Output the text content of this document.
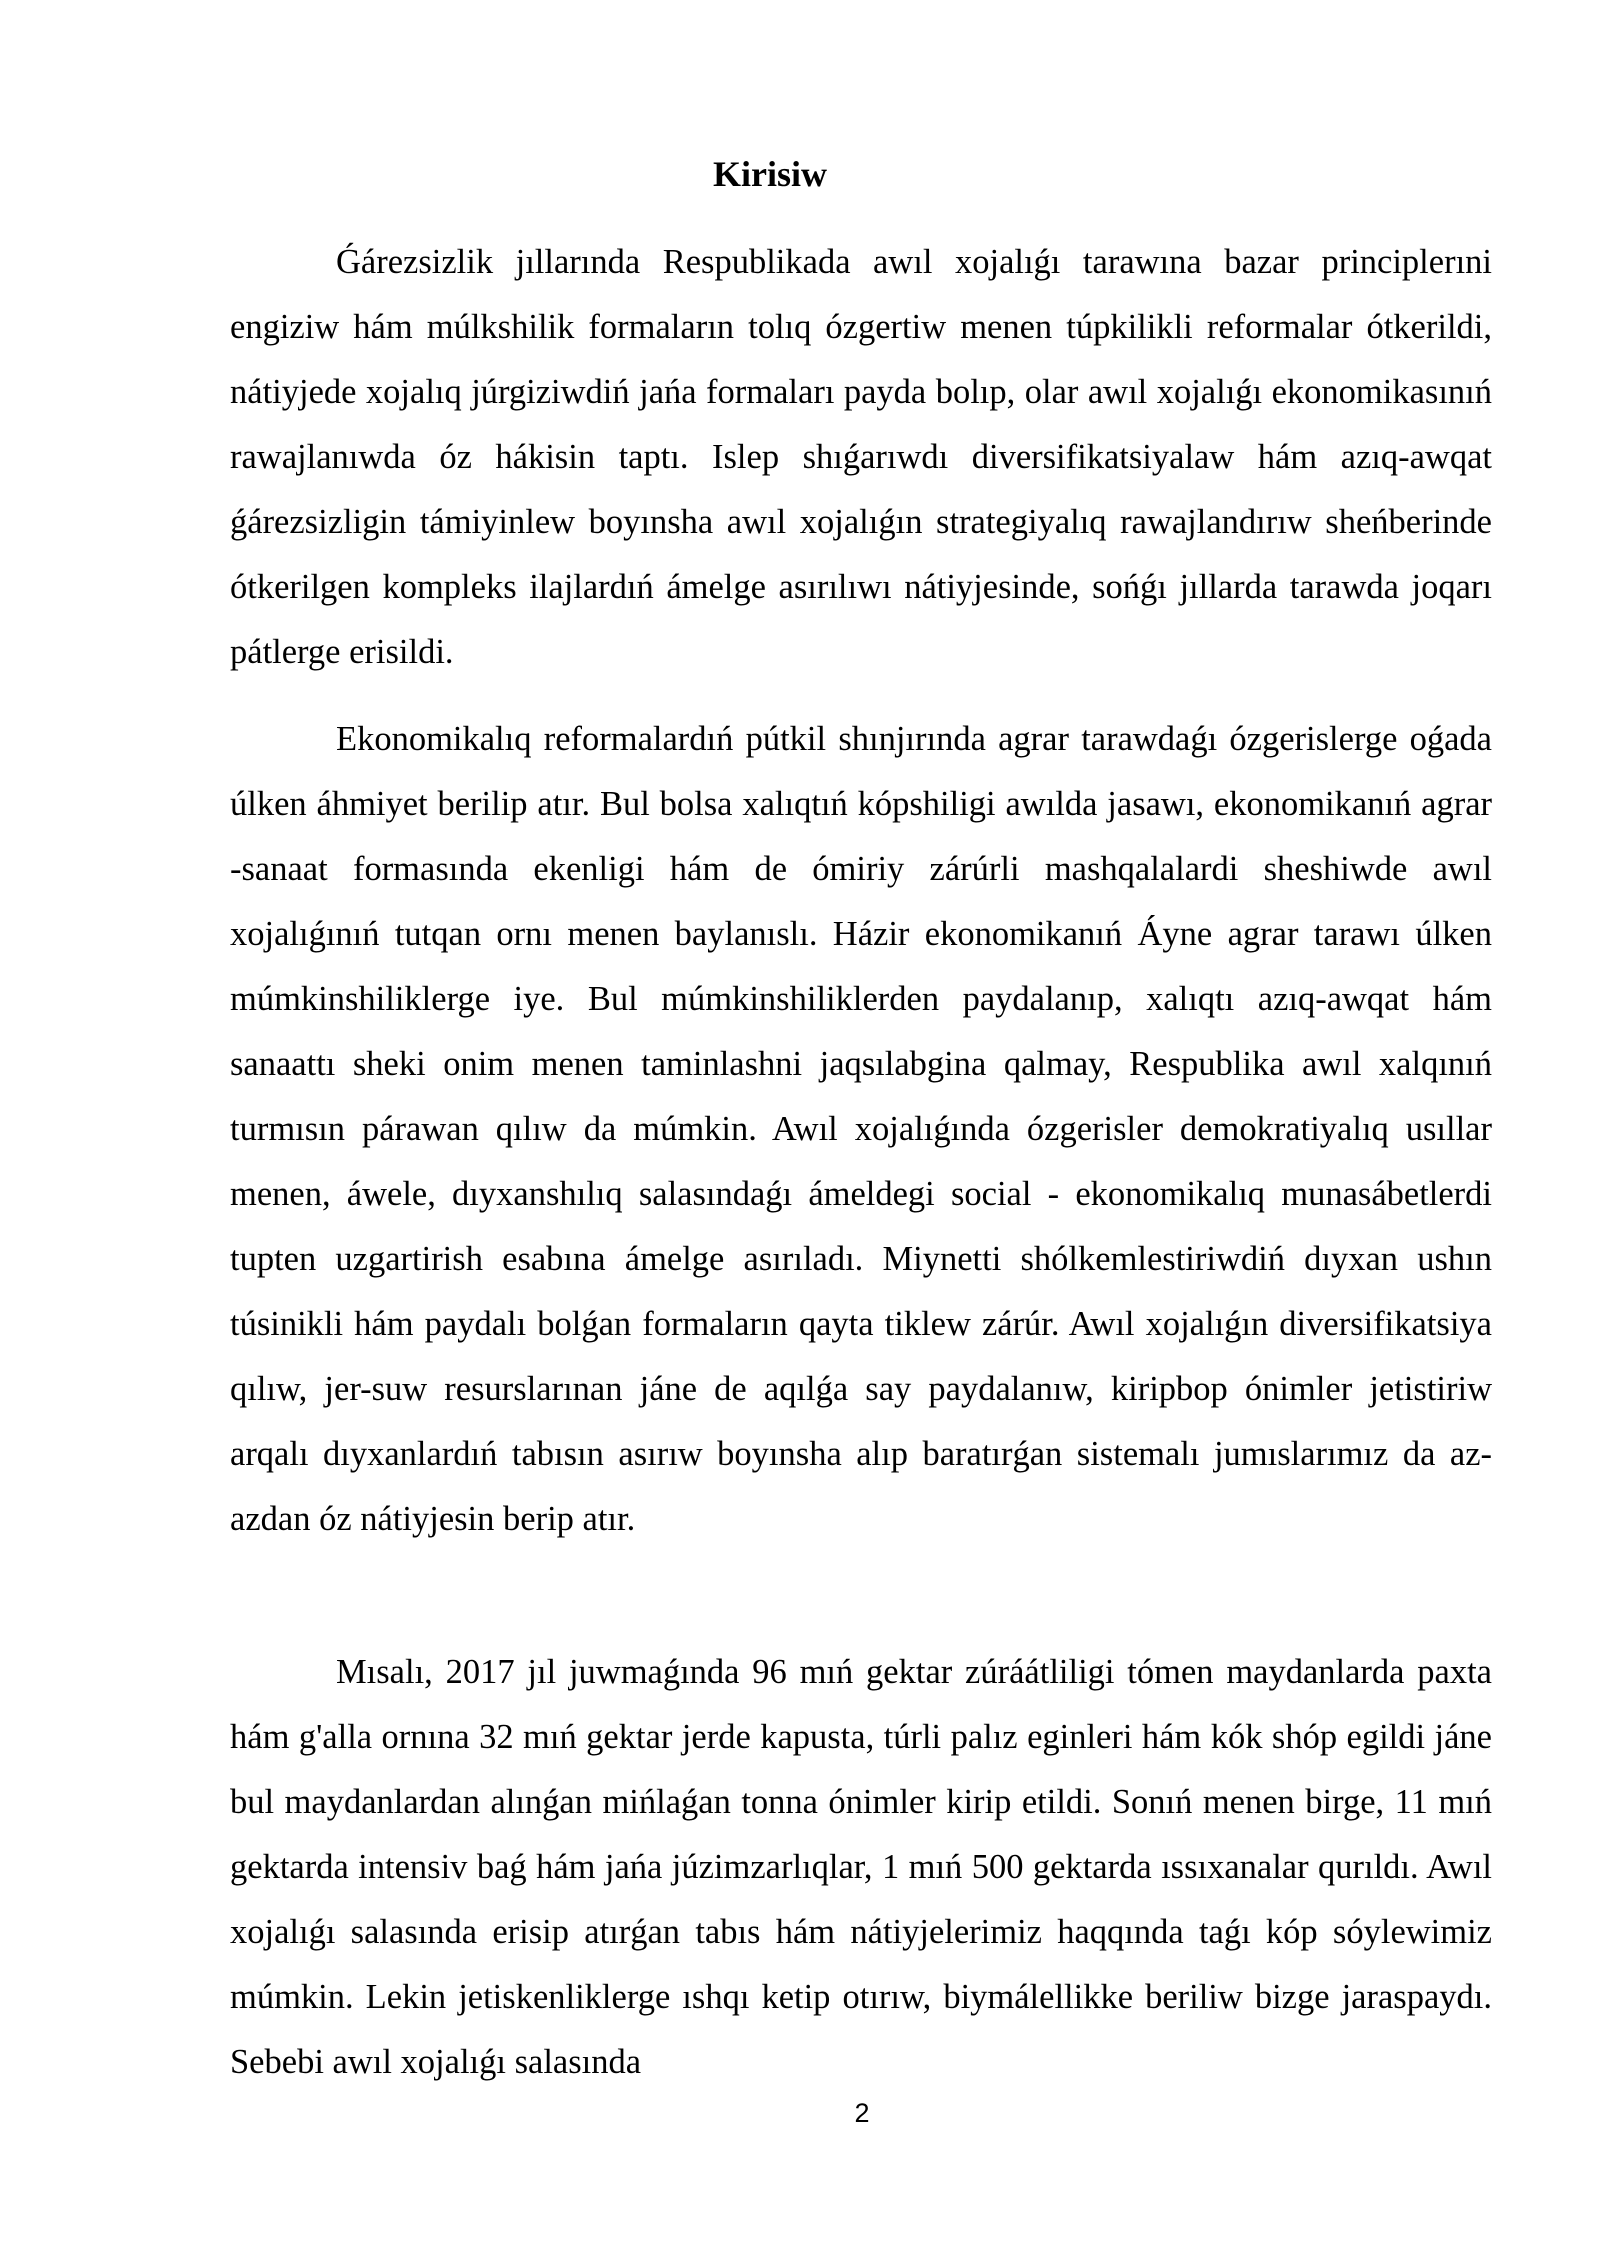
Kirisiw

Ǵárezsizlik jıllarında Respublikada awıl xojalıǵı tarawına bazar principlerıni engiziw hám múlkshilik formaların tolıq ózgertiw menen túpkilikli reformalar ótkerildi, nátiyjede xojalıq júrgiziwdiń jańa formaları payda bolıp, olar awıl xojalıǵı ekonomikasınıń rawajlanıwda óz hákisin taptı. Islep shıǵarıwdı diversifikatsiyalaw hám azıq-awqat ǵárezsizligin támiyinlew boyınsha awıl xojalıǵın strategiyalıq rawajlandırıw sheńberinde ótkerilgen kompleks ilajlardıń ámelge asırılıwı nátiyjesinde, sońǵı jıllarda tarawda joqarı pátlerge erisildi.

Ekonomikalıq reformalardıń pútkil shınjırında agrar tarawdaǵı ózgerislerge oǵada úlken áhmiyet berilip atır. Bul bolsa xalıqtıń kópshiligi awılda jasawı, ekonomikanıń agrar -sanaat formasında ekenligi hám de ómiriy zárúrli mashqalalardi sheshiwde awıl xojalıǵınıń tutqan ornı menen baylanıslı. Házir ekonomikanıń Áyne agrar tarawı úlken múmkinshiliklerge iye. Bul múmkinshiliklerden paydalanıp, xalıqtı azıq-awqat hám sanaattı sheki onim menen taminlashni jaqsılabgina qalmay, Respublika awıl xalqınıń turmısın párawan qılıw da múmkin. Awıl xojalıǵında ózgerisler demokratiyalıq usıllar menen, áwele, dıyxanshılıq salasındaǵı ámeldegi social - ekonomikalıq munasábetlerdi tupten uzgartirish esabına ámelge asırıladı. Miynetti shólkemlestiriwdiń dıyxan ushın túsinikli hám paydalı bolǵan formaların qayta tiklew zárúr. Awıl xojalıǵın diversifikatsiya qılıw, jer-suw resurslarınan jáne de aqılǵa say paydalanıw, kiripbop ónimler jetistiriw arqalı dıyxanlardıń tabısın asırıw boyınsha alıp baratırǵan sistemalı jumıslarımız da az-azdan óz nátiyjesin berip atır.

Mısalı, 2017 jıl juwmaǵında 96 mıń gektar zúráátliligi tómen maydanlarda paxta hám g'alla ornına 32 mıń gektar jerde kapusta, túrli palız eginleri hám kók shóp egildi jáne bul maydanlardan alınǵan mińlaǵan tonna ónimler kirip etildi. Sonıń menen birge, 11 mıń gektarda intensiv baǵ hám jańa júzimzarlıqlar, 1 mıń 500 gektarda ıssıxanalar qurıldı. Awıl xojalıǵı salasında erisip atırǵan tabıs hám nátiyjelerimiz haqqında taǵı kóp sóylewimiz múmkin. Lekin jetiskenliklerge ıshqı ketip otırıw, biymálellikke beriliw bizge jaraspaydı. Sebebi awıl xojalıǵı salasında

2
